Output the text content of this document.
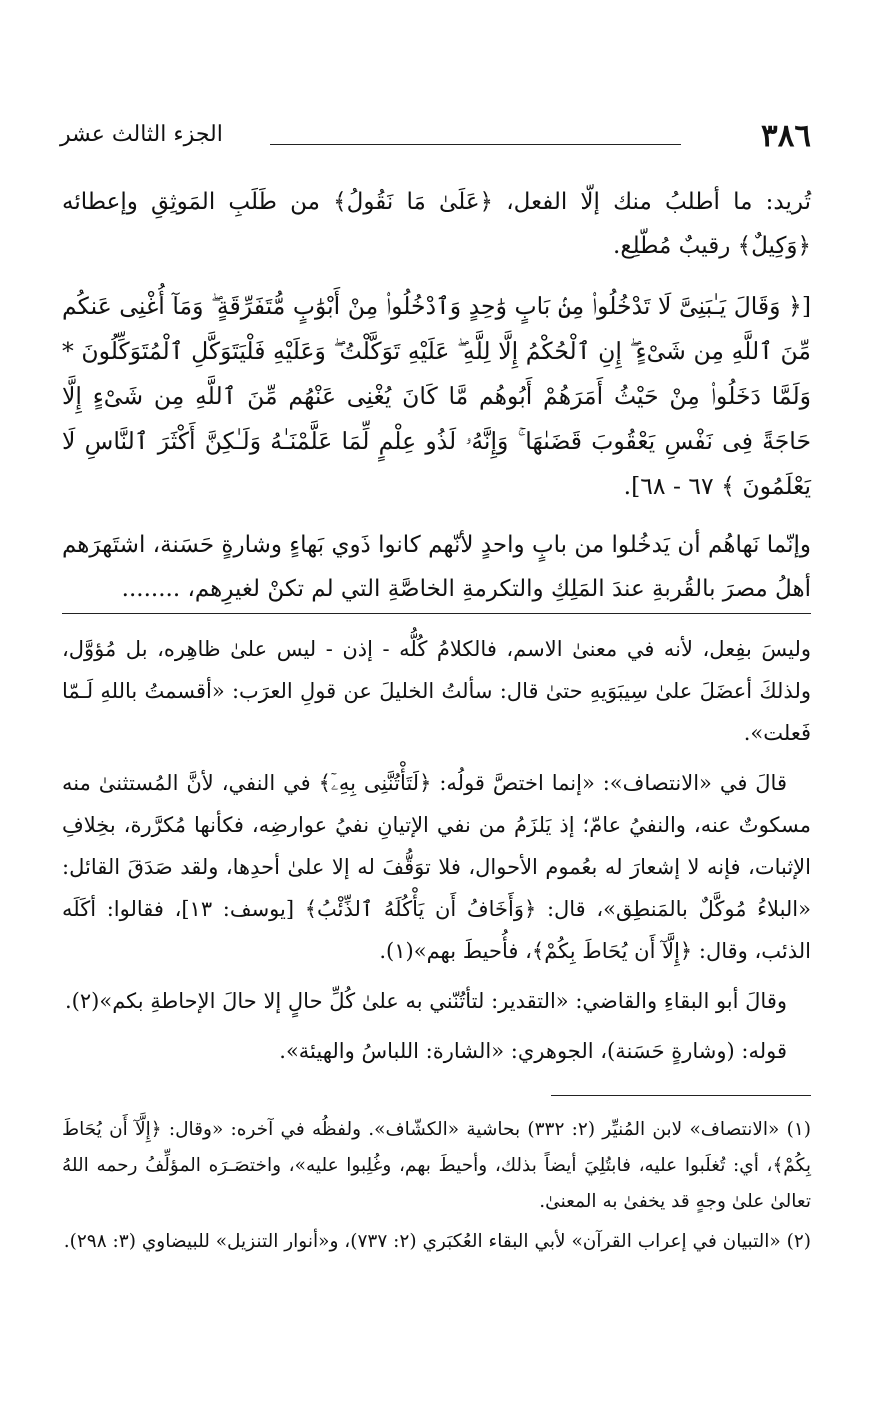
٣٨٦
الجزء الثالث عشر

تُريد: ما أطلبُ منك إلّا الفعل، ﴿عَلَىٰ مَا نَقُولُ﴾ من طَلَبِ المَوثِقِ وإعطائه ﴿وَكِيلٌ﴾ رقيبٌ مُطّلِع.

[﴿ وَقَالَ يَـٰبَنِىَّ لَا تَدْخُلُوا۟ مِنۢ بَابٍ وَٰحِدٍ وَٱدْخُلُوا۟ مِنْ أَبْوَٰبٍ مُّتَفَرِّقَةٍ ۖ وَمَآ أُغْنِى عَنكُم مِّنَ ٱللَّهِ مِن شَىْءٍ ۖ إِنِ ٱلْحُكْمُ إِلَّا لِلَّهِ ۖ عَلَيْهِ تَوَكَّلْتُ ۖ وَعَلَيْهِ فَلْيَتَوَكَّلِ ٱلْمُتَوَكِّلُونَ * وَلَمَّا دَخَلُوا۟ مِنْ حَيْثُ أَمَرَهُمْ أَبُوهُم مَّا كَانَ يُغْنِى عَنْهُم مِّنَ ٱللَّهِ مِن شَىْءٍ إِلَّا حَاجَةً فِى نَفْسِ يَعْقُوبَ قَضَىٰهَا ۚ وَإِنَّهُۥ لَذُو عِلْمٍ لِّمَا عَلَّمْنَـٰهُ وَلَـٰكِنَّ أَكْثَرَ ٱلنَّاسِ لَا يَعْلَمُونَ ﴾ ٦٧ - ٦٨].

وإنّما نَهاهُم أن يَدخُلوا من بابٍ واحدٍ لأنّهم كانوا ذَوي بَهاءٍ وشارةٍ حَسَنة، اشتَهرَهم أهلُ مصرَ بالقُربةِ عندَ المَلِكِ والتكرمةِ الخاصَّةِ التي لم تكنْ لغيرِهم، ........

وليسَ بفِعل، لأنه في معنىٰ الاسم، فالكلامُ كُلُّه - إذن - ليس علىٰ ظاهِره، بل مُؤوَّل، ولذلكَ أعضَلَ علىٰ سِيبَوَيهِ حتىٰ قال: سألتُ الخليلَ عن قولِ العرَب: «أقسمتُ باللهِ لَـمّا فَعلت».

قالَ في «الانتصاف»: «إنما اختصَّ قولُه: ﴿لَتَأْتُنَّنِى بِهِۦٓ﴾ في النفي، لأنَّ المُستثنىٰ منه مسكوتٌ عنه، والنفيُ عامّ؛ إذ يَلزَمُ من نفي الإتيانِ نفيُ عوارضِه، فكأنها مُكرَّرة، بخِلافِ الإثبات، فإنه لا إشعارَ له بعُموم الأحوال، فلا توَقُّفَ له إلا علىٰ أحدِها، ولقد صَدَقَ القائل: «البلاءُ مُوكَّلٌ بالمَنطِق»، قال: ﴿وَأَخَافُ أَن يَأْكُلَهُ ٱلذِّئْبُ﴾ [يوسف: ١٣]، فقالوا: أكَلَه الذئب، وقال: ﴿إِلَّآ أَن يُحَاطَ بِكُمْ﴾، فأُحيطَ بهم»(١).

وقالَ أبو البقاءِ والقاضي: «التقدير: لتأتُنّني به علىٰ كُلِّ حالٍ إلا حالَ الإحاطةِ بكم»(٢).

قوله: (وشارةٍ حَسَنة)، الجوهري: «الشارة: اللباسُ والهيئة».

(١) «الانتصاف» لابن المُنيِّر (٢: ٣٣٢) بحاشية «الكشّاف». ولفظُه في آخره: «وقال: ﴿إِلَّآ أَن يُحَاطَ بِكُمْ﴾، أي: تُغلَبوا عليه، فابتُلِيَ أيضاً بذلك، وأحيطَ بهم، وغُلِبوا عليه»، واختصَـرَه المؤلِّفُ رحمه اللهُ تعالىٰ علىٰ وجهٍ قد يخفىٰ به المعنىٰ.

(٢) «التبيان في إعراب القرآن» لأبي البقاء العُكبَري (٢: ٧٣٧)، و«أنوار التنزيل» للبيضاوي (٣: ٢٩٨).
